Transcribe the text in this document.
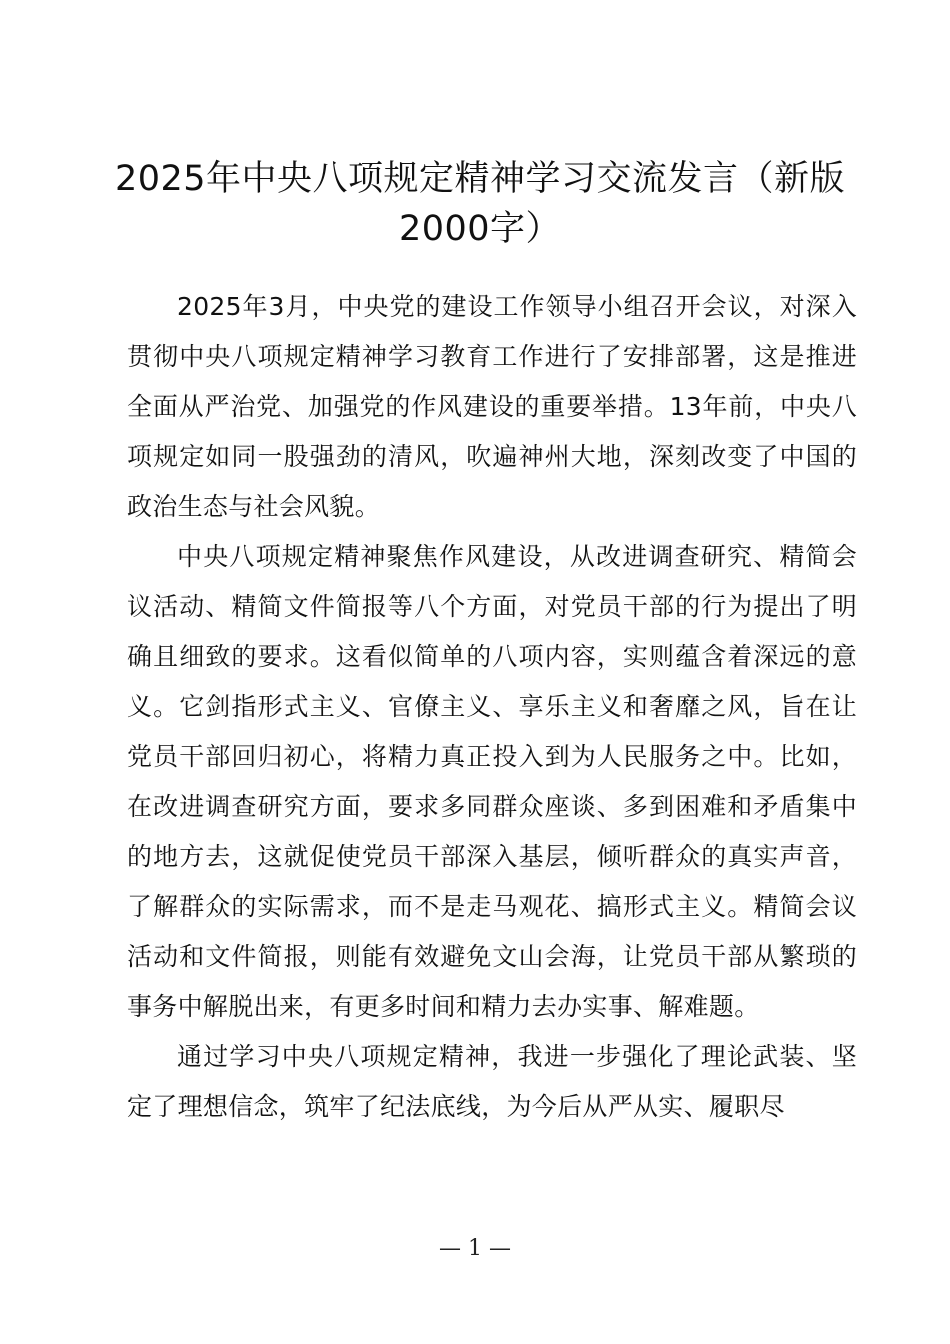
2025年中央八项规定精神学习交流发言（新版2000字）

2025年3月，中央党的建设工作领导小组召开会议，对深入贯彻中央八项规定精神学习教育工作进行了安排部署，这是推进全面从严治党、加强党的作风建设的重要举措。13年前，中央八项规定如同一股强劲的清风，吹遍神州大地，深刻改变了中国的政治生态与社会风貌。

中央八项规定精神聚焦作风建设，从改进调查研究、精简会议活动、精简文件简报等八个方面，对党员干部的行为提出了明确且细致的要求。这看似简单的八项内容，实则蕴含着深远的意义。它剑指形式主义、官僚主义、享乐主义和奢靡之风，旨在让党员干部回归初心，将精力真正投入到为人民服务之中。比如，在改进调查研究方面，要求多同群众座谈、多到困难和矛盾集中的地方去，这就促使党员干部深入基层，倾听群众的真实声音，了解群众的实际需求，而不是走马观花、搞形式主义。精简会议活动和文件简报，则能有效避免文山会海，让党员干部从繁琐的事务中解脱出来，有更多时间和精力去办实事、解难题。

通过学习中央八项规定精神，我进一步强化了理论武装、坚定了理想信念，筑牢了纪法底线，为今后从严从实、履职尽

— 1 —
